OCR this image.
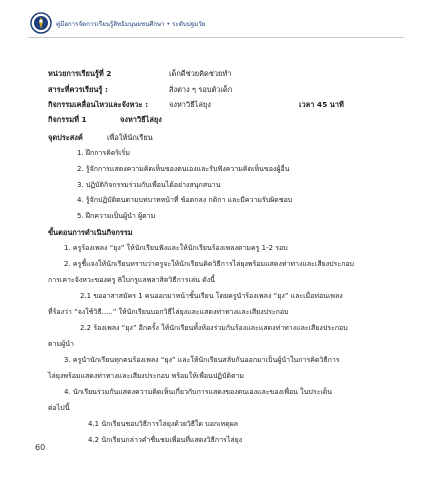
คู่มือการจัดการเรียนรู้สิทธิมนุษยชนศึกษา • ระดับปฐมวัย
หน่วยการเรียนรู้ที่ 2	เด็กดีช่วยคิดช่วยทำ
สาระที่ควรเรียนรู้ :	สิ่งต่าง ๆ รอบตัวเด็ก
กิจกรรมเคลื่อนไหวและจังหวะ :	จงหาวิธีไล่ยุง	เวลา 45 นาที
กิจกรรมที่ 1	จงหาวิธีไล่ยุง
จุดประสงค์	เพื่อให้นักเรียน
1. ฝึกการคิดริเริ่ม
2. รู้จักการแสดงความคิดเห็นของตนเองและรับฟังความคิดเห็นของผู้อื่น
3. ปฏิบัติกิจกรรมร่วมกับเพื่อนได้อย่างสนุกสนาน
4. รู้จักปฏิบัติตนตามบทบาทหน้าที่ ข้อตกลง กติกา และมีความรับผิดชอบ
5. ฝึกความเป็นผู้นำ ผู้ตาม
ขั้นตอนการดำเนินกิจกรรม
1. ครูร้องเพลง “ยุง” ให้นักเรียนฟังและให้นักเรียนร้องเพลงตามครู 1-2 รอบ
2. ครูชี้แจงให้นักเรียนทราบว่าครูจะให้นักเรียนคิดวิธีการไล่ยุงพร้อมแสดงท่าทางและเสียงประกอบ
การเคาะจังหวะของครู 8ใบกรูแลพลาสิตวิธีการเล่น ดังนี้
2.1 ขออาสาสมัคร 1 คนออกมาหน้าชั้นเรียน โดยครูนำร้องเพลง “ยุง” และเมื่อท่อนเพลง
ที่ร้องว่า “จงใช้วิธี.....” ให้นักเรียนบอกวิธีไล่ยุงและแสดงท่าทางและเสียงประกอบ
2.2 ร้องเพลง “ยุง” อีกครั้ง ให้นักเรียนทั้งห้องร่วมกันร้องและแสดงท่าทางและเสียงประกอบ
ตามผู้นำ
3. ครูนำนักเรียนทุกคนร้องเพลง “ยุง” และให้นักเรียนสลับกันออกมาเป็นผู้นำในการคิดวิธีการ
ไล่ยุงพร้อมแสดงท่าทางและเสียงประกอบ พร้อมให้เพื่อนปฏิบัติตาม
4. นักเรียนร่วมกันแสดงความคิดเห็นเกี่ยวกับการแสดงของตนเองและของเพื่อน ในประเด็น
ต่อไปนี้
4.1 นักเรียนชอบวิธีการไล่ยุงด้วยวิธีใด บอกเหตุผล
4.2 นักเรียนกล่าวคำชื่นชมเพื่อนที่แสดงวิธีการไล่ยุง
60
